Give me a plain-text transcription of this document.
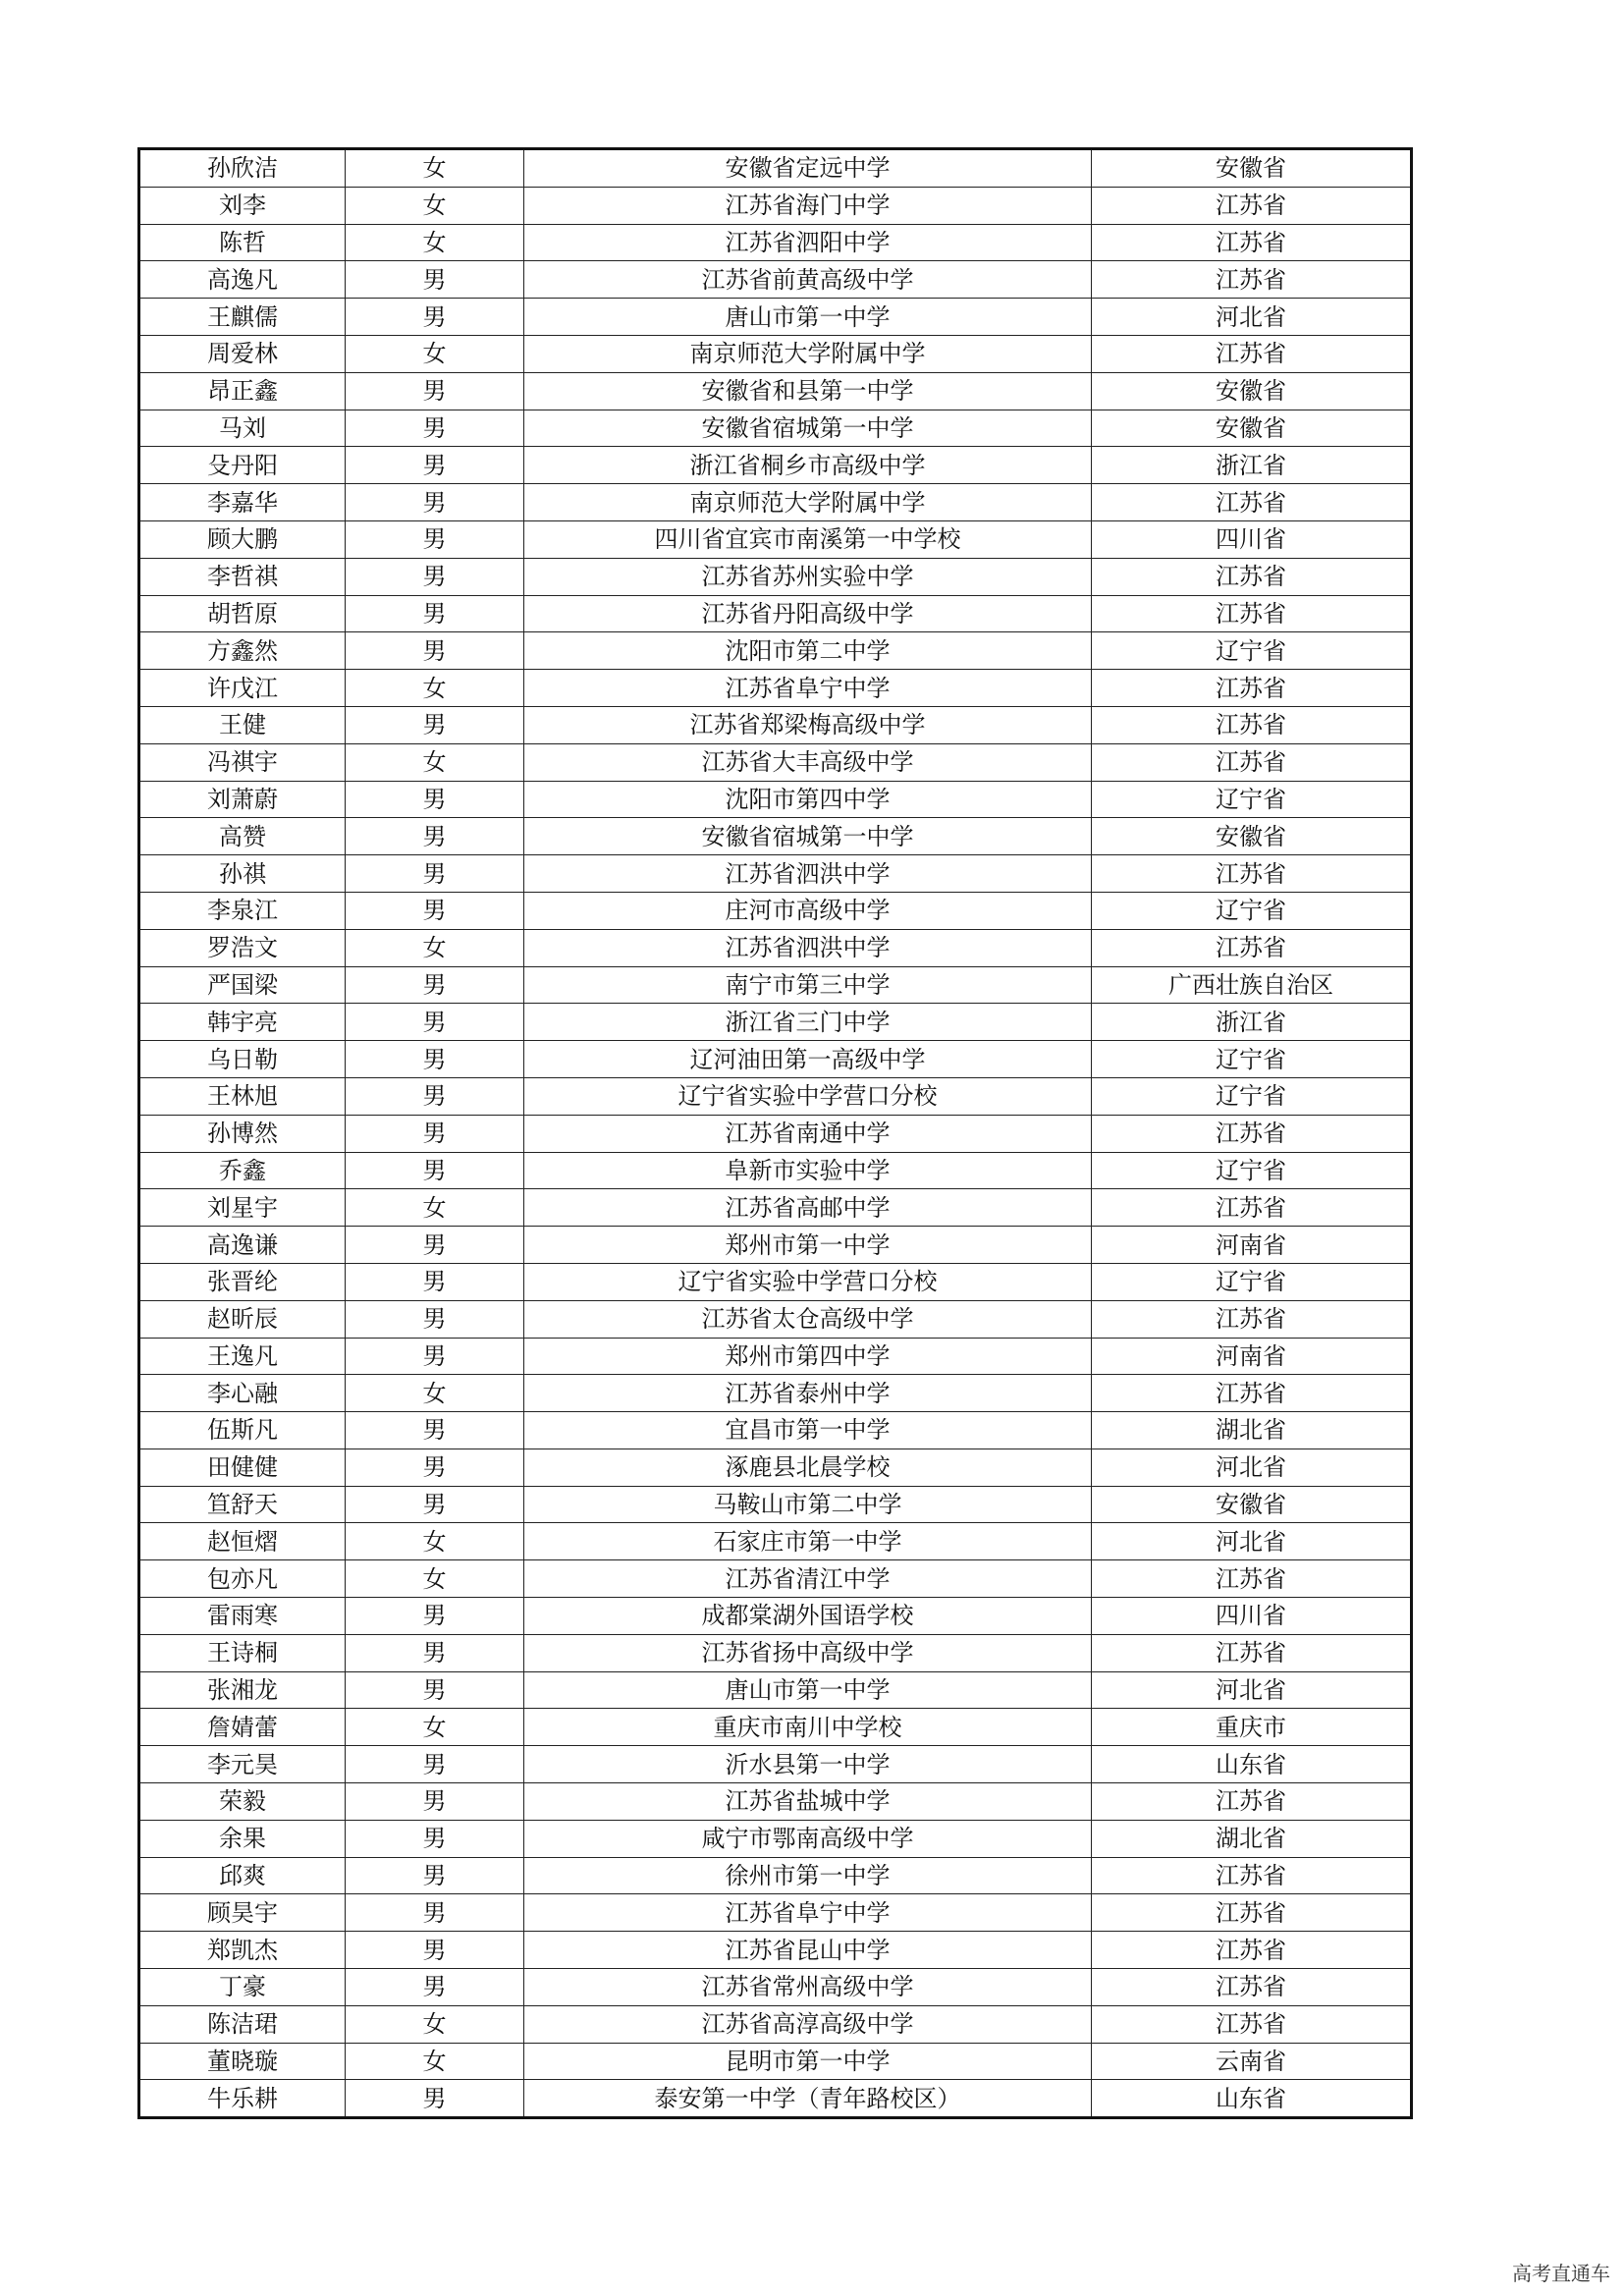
孙欣洁	女	安徽省定远中学	安徽省
刘李	女	江苏省海门中学	江苏省
陈哲	女	江苏省泗阳中学	江苏省
高逸凡	男	江苏省前黄高级中学	江苏省
王麒儒	男	唐山市第一中学	河北省
周爱林	女	南京师范大学附属中学	江苏省
昂正鑫	男	安徽省和县第一中学	安徽省
马刘	男	安徽省宿城第一中学	安徽省
殳丹阳	男	浙江省桐乡市高级中学	浙江省
李嘉华	男	南京师范大学附属中学	江苏省
顾大鹏	男	四川省宜宾市南溪第一中学校	四川省
李哲祺	男	江苏省苏州实验中学	江苏省
胡哲原	男	江苏省丹阳高级中学	江苏省
方鑫然	男	沈阳市第二中学	辽宁省
许戊江	女	江苏省阜宁中学	江苏省
王健	男	江苏省郑梁梅高级中学	江苏省
冯祺宇	女	江苏省大丰高级中学	江苏省
刘萧蔚	男	沈阳市第四中学	辽宁省
高赞	男	安徽省宿城第一中学	安徽省
孙祺	男	江苏省泗洪中学	江苏省
李泉江	男	庄河市高级中学	辽宁省
罗浩文	女	江苏省泗洪中学	江苏省
严国梁	男	南宁市第三中学	广西壮族自治区
韩宇亮	男	浙江省三门中学	浙江省
乌日勒	男	辽河油田第一高级中学	辽宁省
王林旭	男	辽宁省实验中学营口分校	辽宁省
孙博然	男	江苏省南通中学	江苏省
乔鑫	男	阜新市实验中学	辽宁省
刘星宇	女	江苏省高邮中学	江苏省
高逸谦	男	郑州市第一中学	河南省
张晋纶	男	辽宁省实验中学营口分校	辽宁省
赵昕辰	男	江苏省太仓高级中学	江苏省
王逸凡	男	郑州市第四中学	河南省
李心融	女	江苏省泰州中学	江苏省
伍斯凡	男	宜昌市第一中学	湖北省
田健健	男	涿鹿县北晨学校	河北省
笪舒天	男	马鞍山市第二中学	安徽省
赵恒熠	女	石家庄市第一中学	河北省
包亦凡	女	江苏省清江中学	江苏省
雷雨寒	男	成都棠湖外国语学校	四川省
王诗桐	男	江苏省扬中高级中学	江苏省
张湘龙	男	唐山市第一中学	河北省
詹婧蕾	女	重庆市南川中学校	重庆市
李元昊	男	沂水县第一中学	山东省
荣毅	男	江苏省盐城中学	江苏省
余果	男	咸宁市鄂南高级中学	湖北省
邱爽	男	徐州市第一中学	江苏省
顾昊宇	男	江苏省阜宁中学	江苏省
郑凯杰	男	江苏省昆山中学	江苏省
丁豪	男	江苏省常州高级中学	江苏省
陈洁珺	女	江苏省高淳高级中学	江苏省
董晓璇	女	昆明市第一中学	云南省
牛乐耕	男	泰安第一中学（青年路校区）	山东省
高考直通车
